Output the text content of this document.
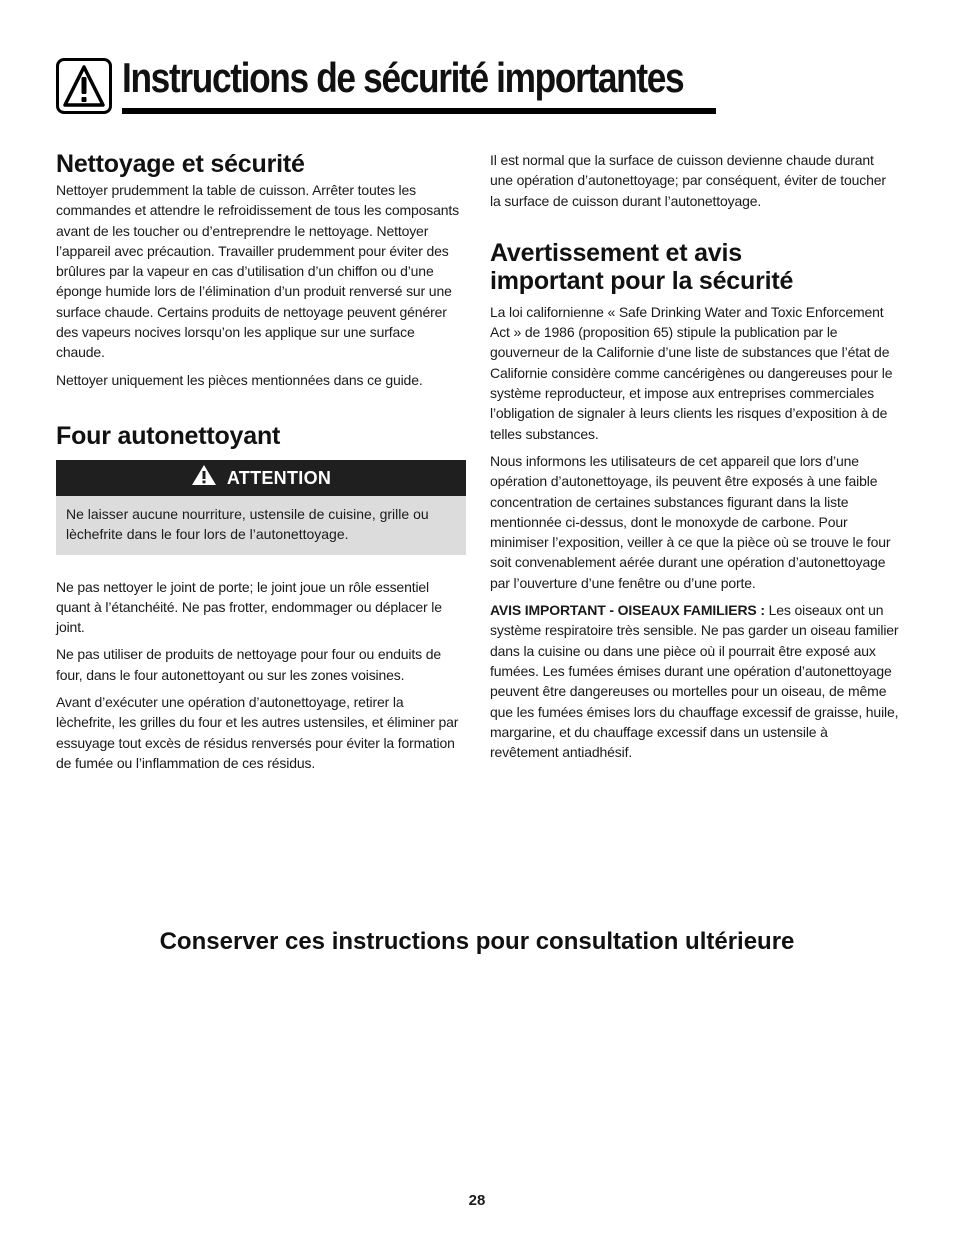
Instructions de sécurité importantes
Nettoyage et sécurité

Nettoyer prudemment la table de cuisson. Arrêter toutes les commandes et attendre le refroidissement de tous les composants avant de les toucher ou d’entreprendre le nettoyage. Nettoyer l’appareil avec précaution. Travailler prudemment pour éviter des brûlures par la vapeur en cas d’utilisation d’un chiffon ou d’une éponge humide lors de l’élimination d’un produit renversé sur une surface chaude. Certains produits de nettoyage peuvent générer des vapeurs nocives lorsqu’on les applique sur une surface chaude.

Nettoyer uniquement les pièces mentionnées dans ce guide.

Four autonettoyant
ATTENTION
Ne laisser aucune nourriture, ustensile de cuisine, grille ou lèchefrite dans le four lors de l’autonettoyage.

Ne pas nettoyer le joint de porte; le joint joue un rôle essentiel quant à l’étanchéité. Ne pas frotter, endommager ou déplacer le joint.

Ne pas utiliser de produits de nettoyage pour four ou enduits de four, dans le four autonettoyant ou sur les zones voisines.

Avant d’exécuter une opération d’autonettoyage, retirer la lèchefrite, les grilles du four et les autres ustensiles, et éliminer par essuyage tout excès de résidus renversés pour éviter la formation de fumée ou l’inflammation de ces résidus.

Il est normal que la surface de cuisson devienne chaude durant une opération d’autonettoyage; par conséquent, éviter de toucher la surface de cuisson durant l’autonettoyage.

Avertissement et avis
important pour la sécurité

La loi californienne « Safe Drinking Water and Toxic Enforcement Act » de 1986 (proposition 65) stipule la publication par le gouverneur de la Californie d’une liste de substances que l’état de Californie considère comme cancérigènes ou dangereuses pour le système reproducteur, et impose aux entreprises commerciales l’obligation de signaler à leurs clients les risques d’exposition à de telles substances.

Nous informons les utilisateurs de cet appareil que lors d’une opération d’autonettoyage, ils peuvent être exposés à une faible concentration de certaines substances figurant dans la liste mentionnée ci-dessus, dont le monoxyde de carbone. Pour minimiser l’exposition, veiller à ce que la pièce où se trouve le four soit convenablement aérée durant une opération d’autonettoyage par l’ouverture d’une fenêtre ou d’une porte.

AVIS IMPORTANT - OISEAUX FAMILIERS : Les oiseaux ont un système respiratoire très sensible. Ne pas garder un oiseau familier dans la cuisine ou dans une pièce où il pourrait être exposé aux fumées. Les fumées émises durant une opération d’autonettoyage peuvent être dangereuses ou mortelles pour un oiseau, de même que les fumées émises lors du chauffage excessif de graisse, huile, margarine, et du chauffage excessif dans un ustensile à revêtement antiadhésif.

Conserver ces instructions pour consultation ultérieure

28
